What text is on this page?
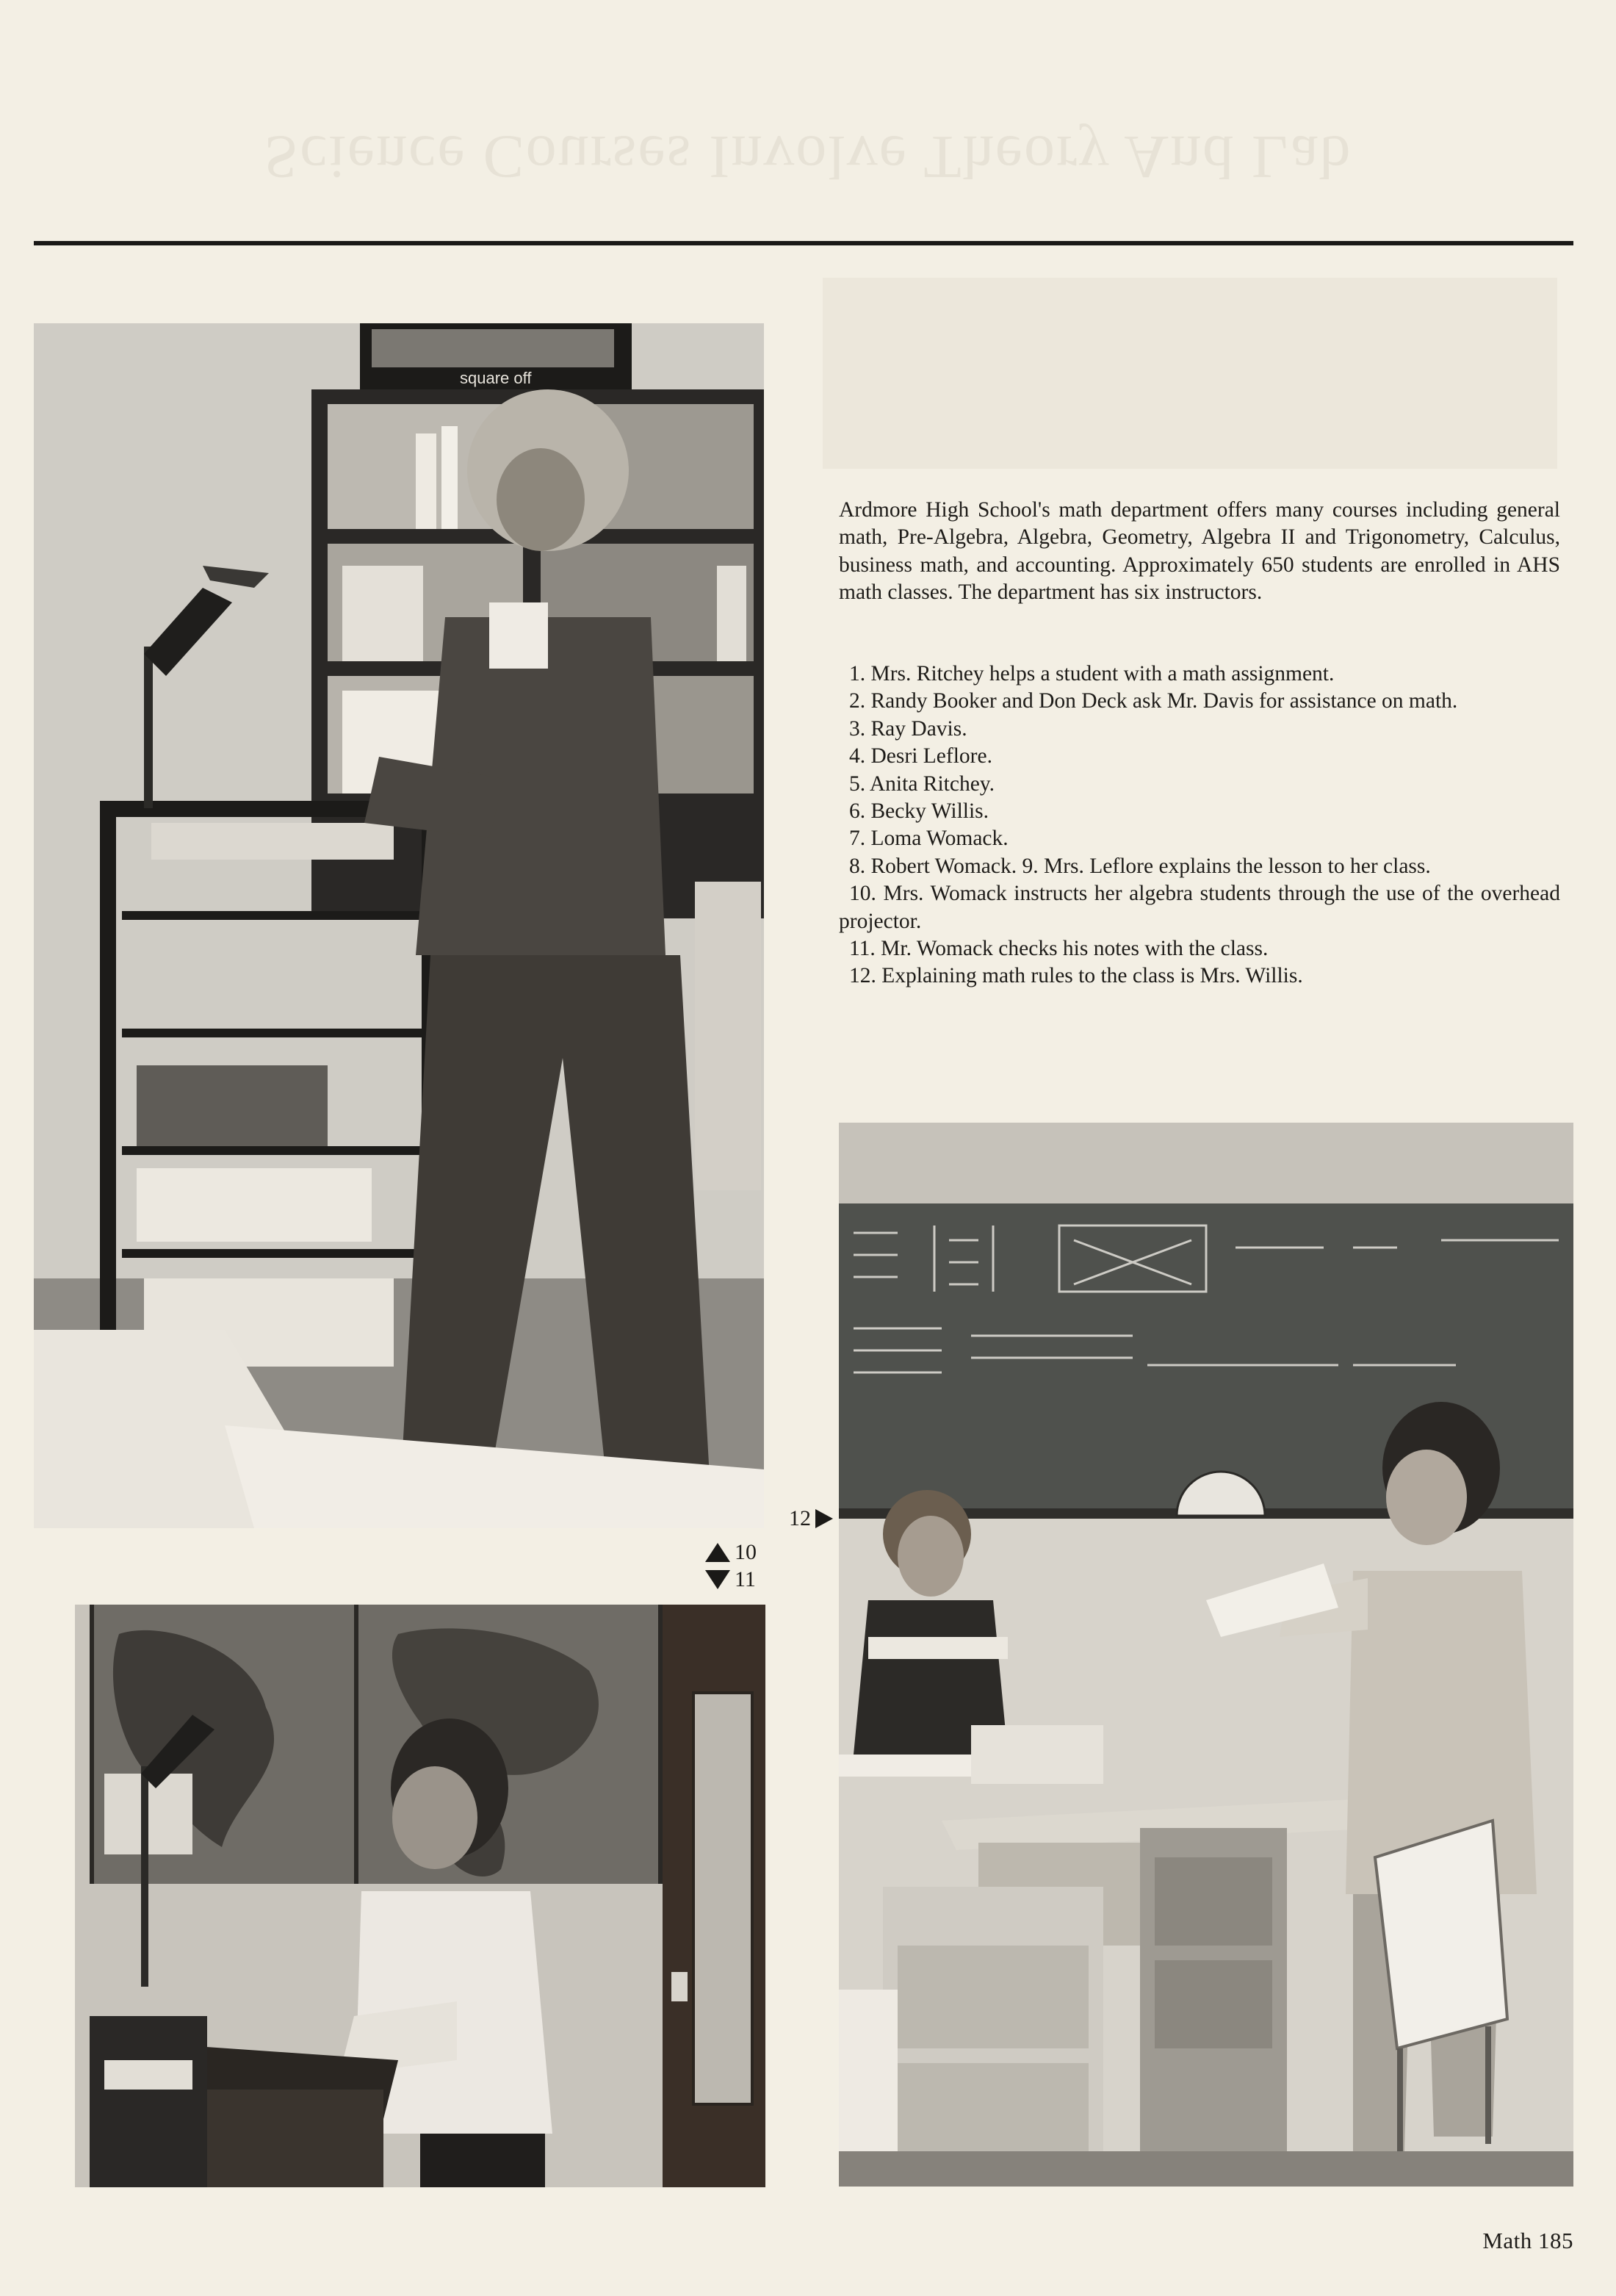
Science Courses Involve Theory And Lab
square off

Ardmore High School's math department offers many courses including general math, Pre-Algebra, Algebra, Geometry, Algebra II and Trigonometry, Calculus, business math, and accounting. Approximately 650 students are enrolled in AHS math classes. The department has six instructors.

1. Mrs. Ritchey helps a student with a math assignment.
2. Randy Booker and Don Deck ask Mr. Davis for assistance on math.
3. Ray Davis.
4. Desri Leflore.
5. Anita Ritchey.
6. Becky Willis.
7. Loma Womack.
8. Robert Womack. 9. Mrs. Leflore explains the lesson to her class.
10. Mrs. Womack instructs her algebra students through the use of the overhead projector.
11. Mr. Womack checks his notes with the class.
12. Explaining math rules to the class is Mrs. Willis.
10
11
12
Math 185
